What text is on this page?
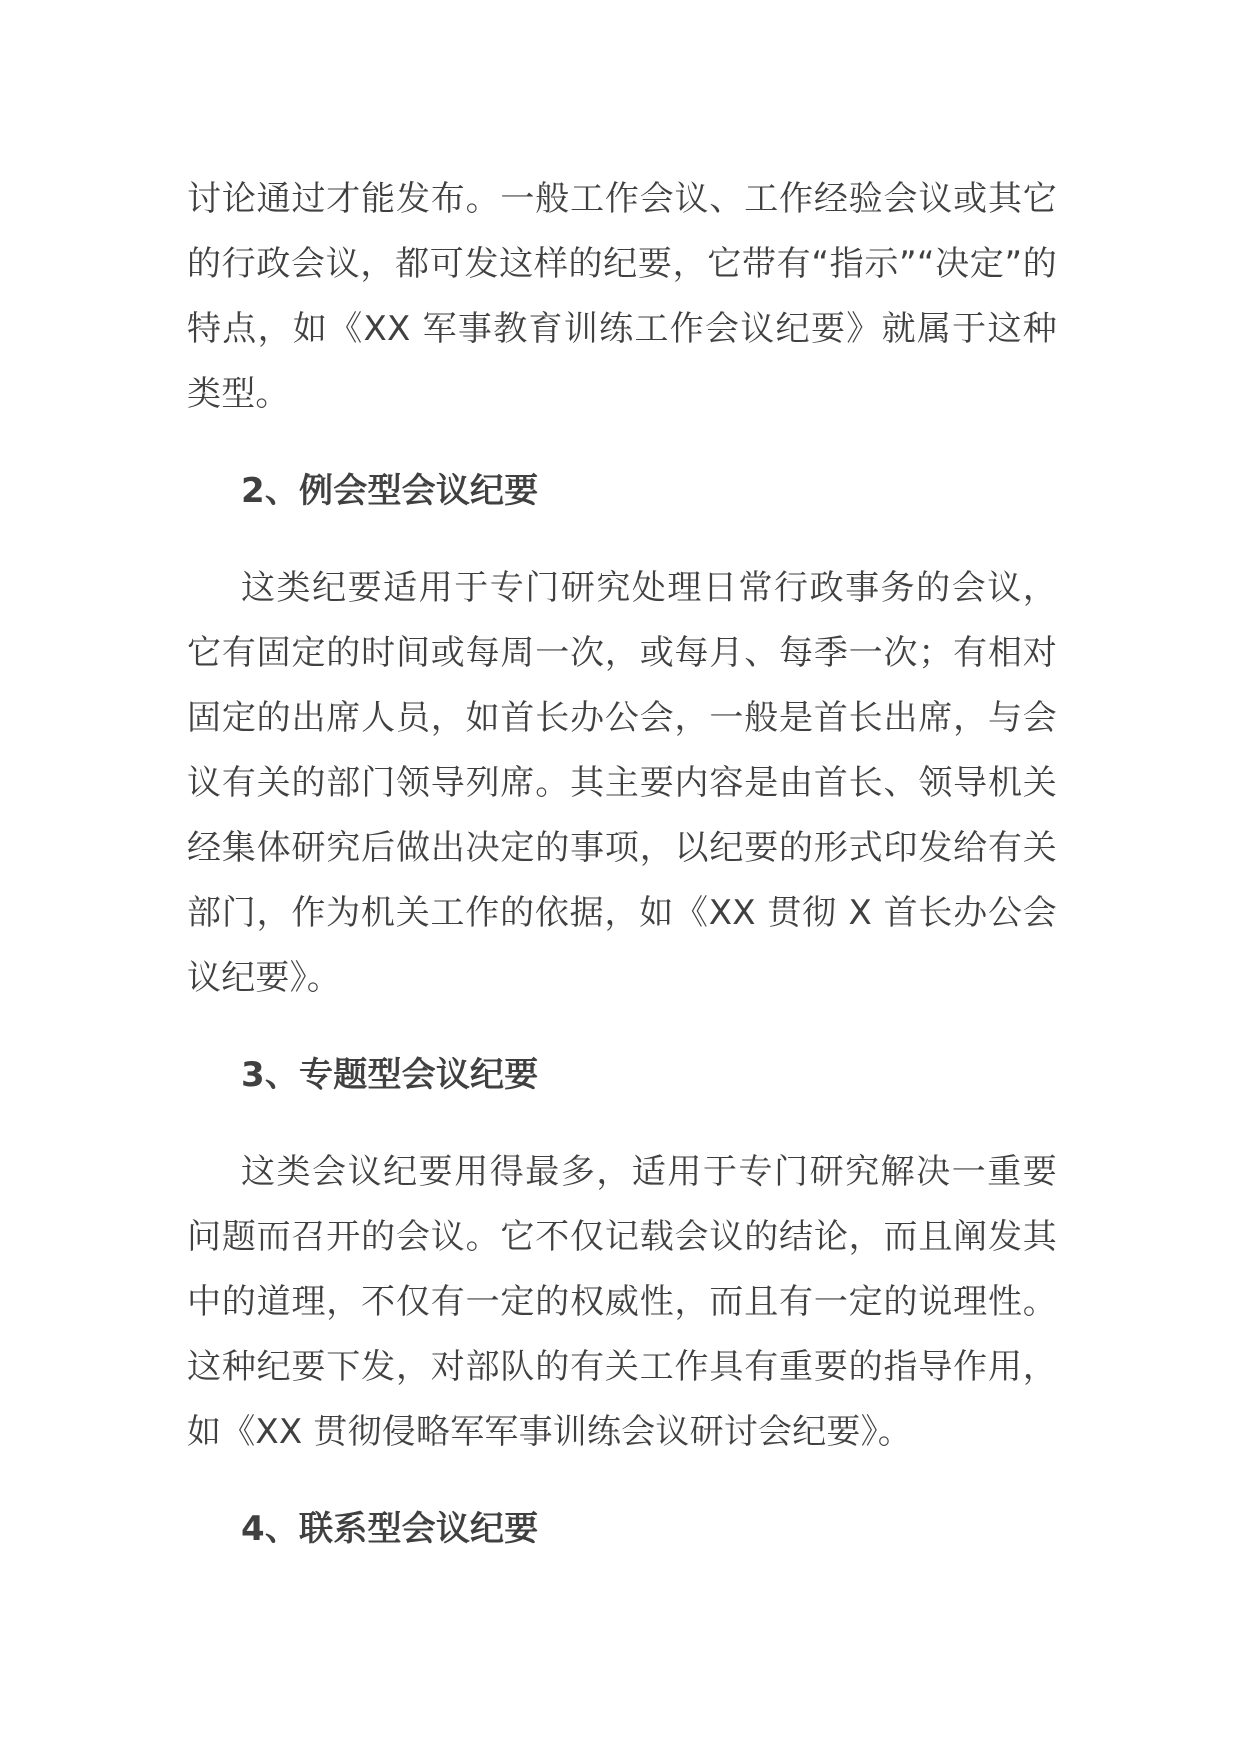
讨论通过才能发布。一般工作会议、工作经验会议或其它的行政会议，都可发这样的纪要，它带有“指示”“决定”的特点，如《XX 军事教育训练工作会议纪要》就属于这种类型。

2、例会型会议纪要

这类纪要适用于专门研究处理日常行政事务的会议，它有固定的时间或每周一次，或每月、每季一次；有相对固定的出席人员，如首长办公会，一般是首长出席，与会议有关的部门领导列席。其主要内容是由首长、领导机关经集体研究后做出决定的事项，以纪要的形式印发给有关部门，作为机关工作的依据，如《XX 贯彻 X 首长办公会议纪要》。

3、专题型会议纪要

这类会议纪要用得最多，适用于专门研究解决一重要问题而召开的会议。它不仅记载会议的结论，而且阐发其中的道理，不仅有一定的权威性，而且有一定的说理性。这种纪要下发，对部队的有关工作具有重要的指导作用，如《XX 贯彻侵略军军事训练会议研讨会纪要》。

4、联系型会议纪要
